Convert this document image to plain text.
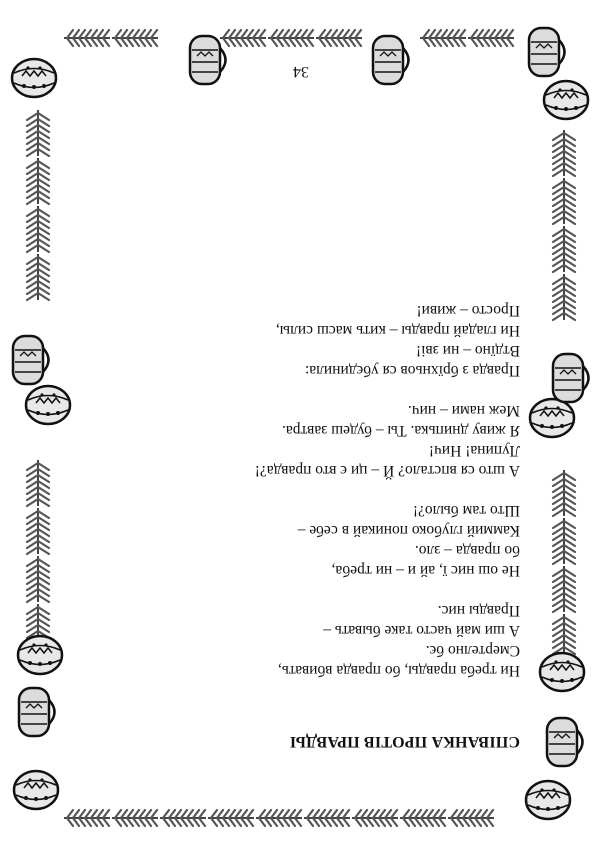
34
СПІВАНКА ПРОТІВ ПРАВДЫ
Ни треба правды, бо правда вбивать,
Смертелно бє.
А ши май часто таке бывать –
Правды нис.
Не ош нис ї, ай и – ни треба,
бо правда – зло.
Каммий глубоко поникай в себе –
Што там было?!
А што ся впстало? Й – ци є вто правда?!
Лупина! Нич!
Я живу днипька. Ты – будеш завтра.
Меж нами – нич.
Правда з брїхньов ся убєдинила:
Втдїно – ни зві!
Ни гладай правды – кить масш силы,
Просто – живи!
